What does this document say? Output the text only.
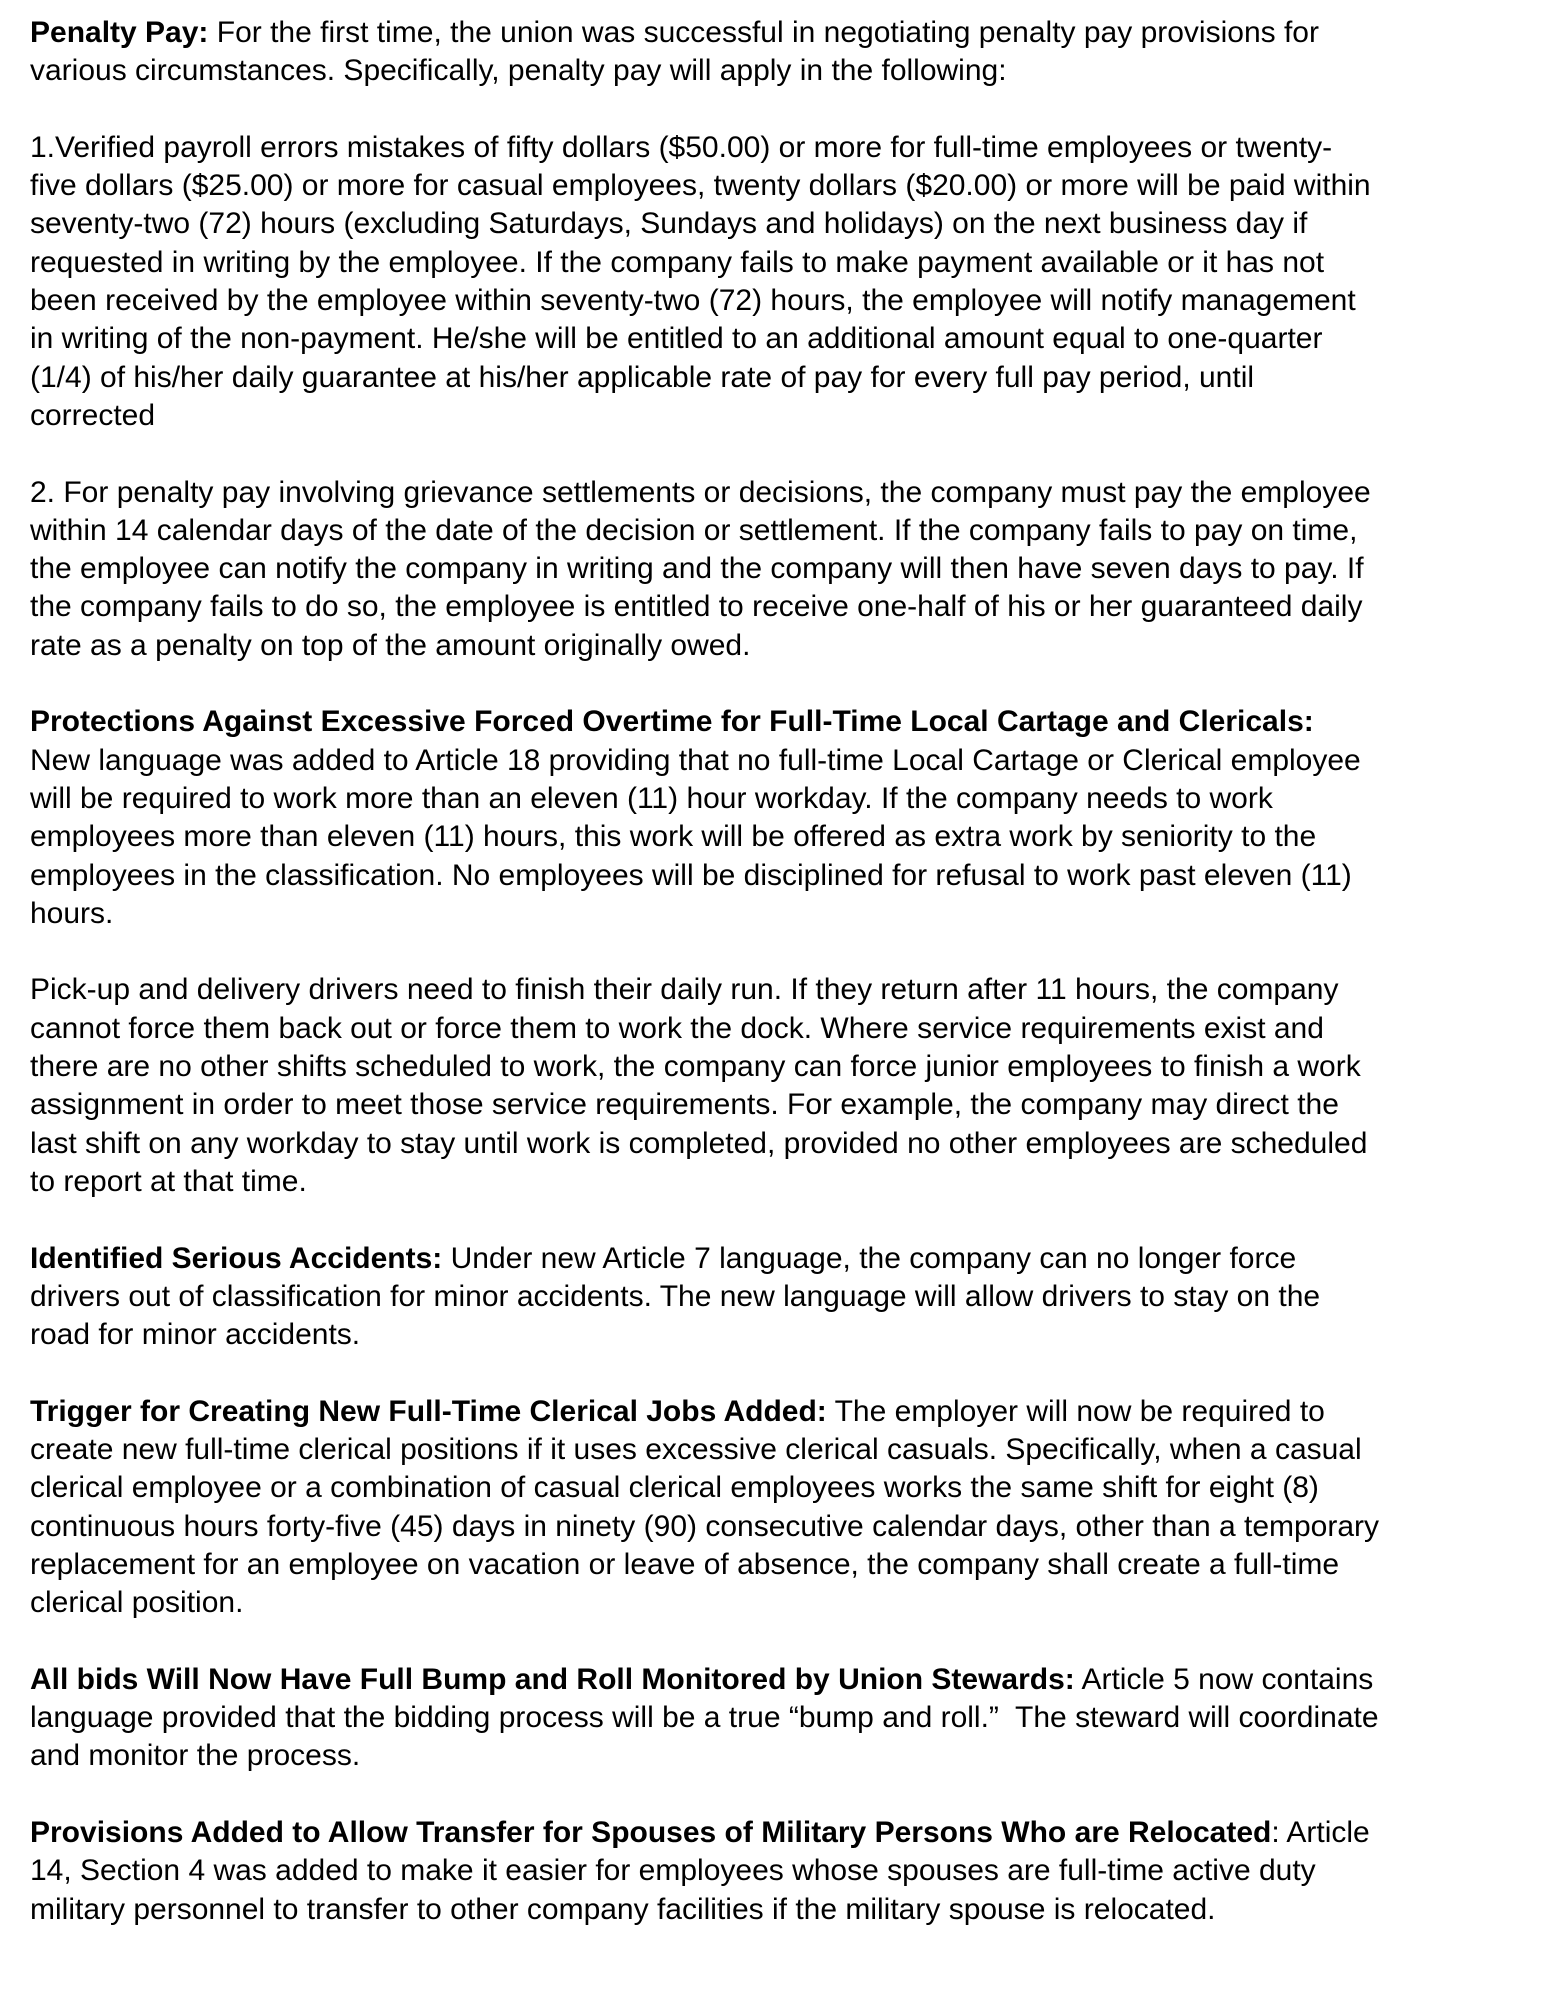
Penalty Pay: For the first time, the union was successful in negotiating penalty pay provisions for
various circumstances. Specifically, penalty pay will apply in the following:
1.Verified payroll errors mistakes of fifty dollars ($50.00) or more for full-time employees or twenty-
five dollars ($25.00) or more for casual employees, twenty dollars ($20.00) or more will be paid within
seventy-two (72) hours (excluding Saturdays, Sundays and holidays) on the next business day if
requested in writing by the employee. If the company fails to make payment available or it has not
been received by the employee within seventy-two (72) hours, the employee will notify management
in writing of the non-payment. He/she will be entitled to an additional amount equal to one-quarter
(1/4) of his/her daily guarantee at his/her applicable rate of pay for every full pay period, until
corrected
2. For penalty pay involving grievance settlements or decisions, the company must pay the employee
within 14 calendar days of the date of the decision or settlement. If the company fails to pay on time,
the employee can notify the company in writing and the company will then have seven days to pay. If
the company fails to do so, the employee is entitled to receive one-half of his or her guaranteed daily
rate as a penalty on top of the amount originally owed.
Protections Against Excessive Forced Overtime for Full-Time Local Cartage and Clericals:
New language was added to Article 18 providing that no full-time Local Cartage or Clerical employee
will be required to work more than an eleven (11) hour workday. If the company needs to work
employees more than eleven (11) hours, this work will be offered as extra work by seniority to the
employees in the classification. No employees will be disciplined for refusal to work past eleven (11)
hours.
Pick-up and delivery drivers need to finish their daily run. If they return after 11 hours, the company
cannot force them back out or force them to work the dock. Where service requirements exist and
there are no other shifts scheduled to work, the company can force junior employees to finish a work
assignment in order to meet those service requirements. For example, the company may direct the
last shift on any workday to stay until work is completed, provided no other employees are scheduled
to report at that time.
Identified Serious Accidents: Under new Article 7 language, the company can no longer force
drivers out of classification for minor accidents. The new language will allow drivers to stay on the
road for minor accidents.
Trigger for Creating New Full-Time Clerical Jobs Added: The employer will now be required to
create new full-time clerical positions if it uses excessive clerical casuals. Specifically, when a casual
clerical employee or a combination of casual clerical employees works the same shift for eight (8)
continuous hours forty-five (45) days in ninety (90) consecutive calendar days, other than a temporary
replacement for an employee on vacation or leave of absence, the company shall create a full-time
clerical position.
All bids Will Now Have Full Bump and Roll Monitored by Union Stewards: Article 5 now contains
language provided that the bidding process will be a true “bump and roll.”  The steward will coordinate
and monitor the process.
Provisions Added to Allow Transfer for Spouses of Military Persons Who are Relocated: Article
14, Section 4 was added to make it easier for employees whose spouses are full-time active duty
military personnel to transfer to other company facilities if the military spouse is relocated.
